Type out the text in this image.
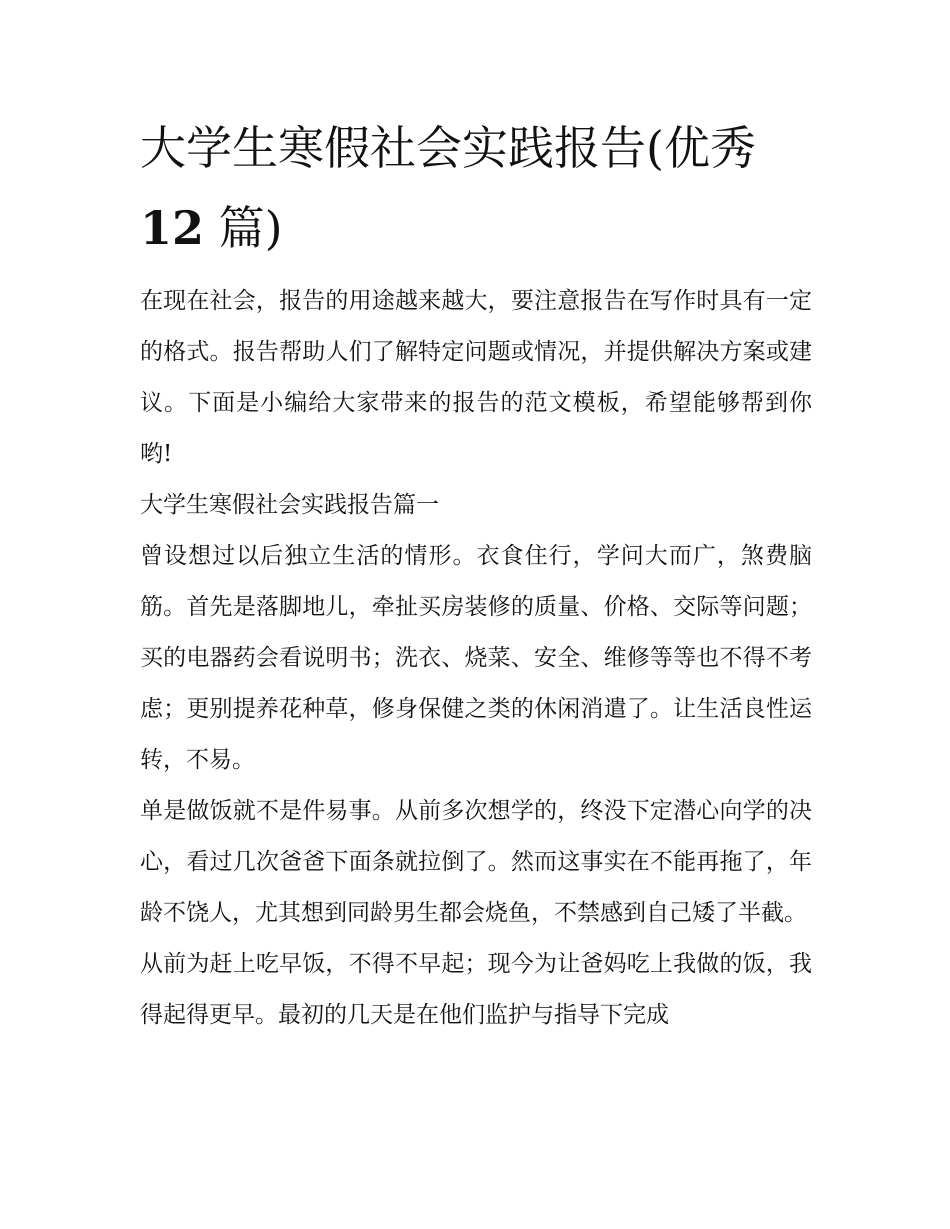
大学生寒假社会实践报告(优秀
12 篇)

在现在社会，报告的用途越来越大，要注意报告在写作时具有一定的格式。报告帮助人们了解特定问题或情况，并提供解决方案或建议。下面是小编给大家带来的报告的范文模板，希望能够帮到你哟!

大学生寒假社会实践报告篇一

曾设想过以后独立生活的情形。衣食住行，学问大而广，煞费脑筋。首先是落脚地儿，牵扯买房装修的质量、价格、交际等问题；买的电器药会看说明书；洗衣、烧菜、安全、维修等等也不得不考虑；更别提养花种草，修身保健之类的休闲消遣了。让生活良性运转，不易。

单是做饭就不是件易事。从前多次想学的，终没下定潜心向学的决心，看过几次爸爸下面条就拉倒了。然而这事实在不能再拖了，年龄不饶人，尤其想到同龄男生都会烧鱼，不禁感到自己矮了半截。

从前为赶上吃早饭，不得不早起；现今为让爸妈吃上我做的饭，我得起得更早。最初的几天是在他们监护与指导下完成
